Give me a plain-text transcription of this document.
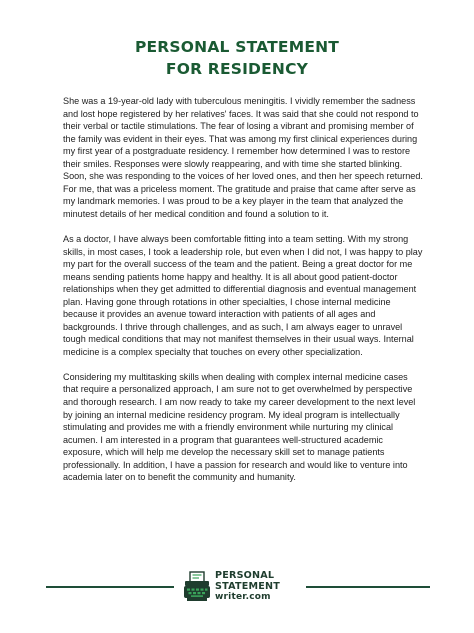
PERSONAL STATEMENT
FOR RESIDENCY

She was a 19-year-old lady with tuberculous meningitis. I vividly remember the sadness and lost hope registered by her relatives' faces. It was said that she could not respond to their verbal or tactile stimulations. The fear of losing a vibrant and promising member of the family was evident in their eyes. That was among my first clinical experiences during my first year of a postgraduate residency. I remember how determined I was to restore their smiles. Responses were slowly reappearing, and with time she started blinking. Soon, she was responding to the voices of her loved ones, and then her speech returned. For me, that was a priceless moment. The gratitude and praise that came after serve as my landmark memories. I was proud to be a key player in the team that analyzed the minutest details of her medical condition and found a solution to it.

As a doctor, I have always been comfortable fitting into a team setting. With my strong skills, in most cases, I took a leadership role, but even when I did not, I was happy to play my part for the overall success of the team and the patient. Being a great doctor for me means sending patients home happy and healthy. It is all about good patient-doctor relationships when they get admitted to differential diagnosis and eventual management plan. Having gone through rotations in other specialties, I chose internal medicine because it provides an avenue toward interaction with patients of all ages and backgrounds. I thrive through challenges, and as such, I am always eager to unravel tough medical conditions that may not manifest themselves in their usual ways. Internal medicine is a complex specialty that touches on every other specialization.

Considering my multitasking skills when dealing with complex internal medicine cases that require a personalized approach, I am sure not to get overwhelmed by perspective and thorough research. I am now ready to take my career development to the next level by joining an internal medicine residency program. My ideal program is intellectually stimulating and provides me with a friendly environment while nurturing my clinical acumen. I am interested in a program that guarantees well-structured academic exposure, which will help me develop the necessary skill set to manage patients professionally. In addition, I have a passion for research and would like to venture into academia later on to benefit the community and humanity.

PERSONAL
STATEMENT
writer.com
